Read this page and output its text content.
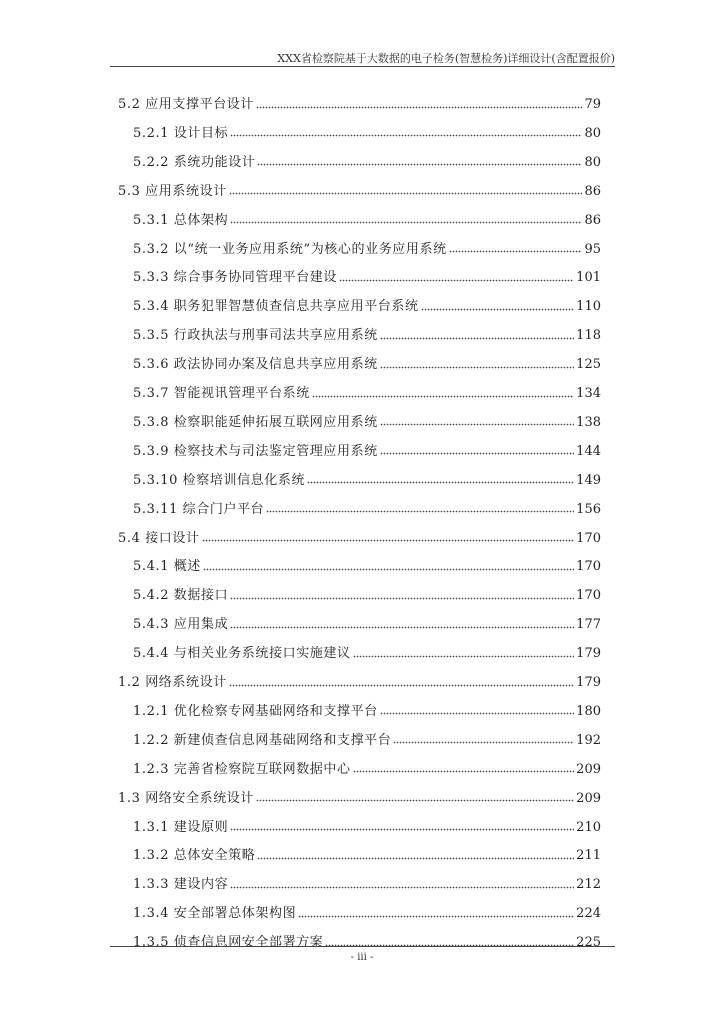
XXX省检察院基于大数据的电子检务(智慧检务)详细设计(含配置报价)
5.2 应用支撑平台设计	79
5.2.1 设计目标	80
5.2.2 系统功能设计	80
5.3 应用系统设计	86
5.3.1 总体架构	86
5.3.2 以“统一业务应用系统”为核心的业务应用系统	95
5.3.3 综合事务协同管理平台建设	101
5.3.4 职务犯罪智慧侦查信息共享应用平台系统	110
5.3.5 行政执法与刑事司法共享应用系统	118
5.3.6 政法协同办案及信息共享应用系统	125
5.3.7 智能视讯管理平台系统	134
5.3.8 检察职能延伸拓展互联网应用系统	138
5.3.9 检察技术与司法鉴定管理应用系统	144
5.3.10 检察培训信息化系统	149
5.3.11 综合门户平台	156
5.4 接口设计	170
5.4.1 概述	170
5.4.2 数据接口	170
5.4.3 应用集成	177
5.4.4 与相关业务系统接口实施建议	179
1.2 网络系统设计	179
1.2.1 优化检察专网基础网络和支撑平台	180
1.2.2 新建侦查信息网基础网络和支撑平台	192
1.2.3 完善省检察院互联网数据中心	209
1.3 网络安全系统设计	209
1.3.1 建设原则	210
1.3.2 总体安全策略	211
1.3.3 建设内容	212
1.3.4 安全部署总体架构图	224
1.3.5 侦查信息网安全部署方案	225
- iii -
